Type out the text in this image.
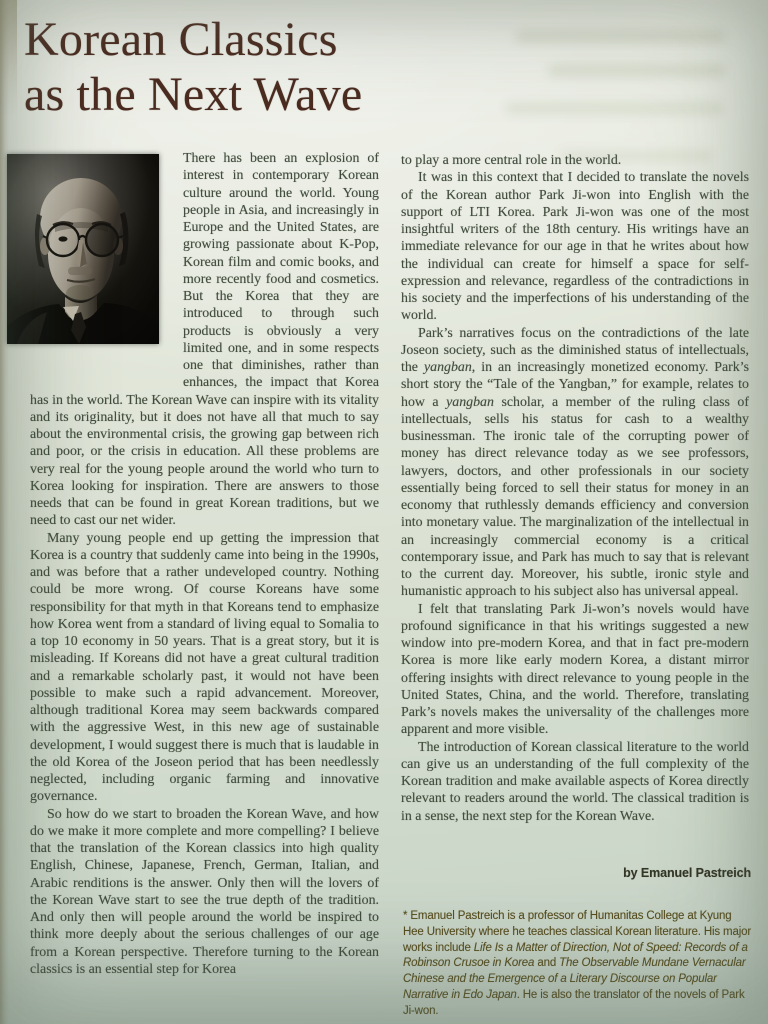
Korean Classics
as the Next Wave

There has been an explosion of interest in contemporary Korean culture around the world. Young people in Asia, and increasingly in Europe and the United States, are growing passionate about K-Pop, Korean film and comic books, and more recently food and cosmetics. But the Korea that they are introduced to through such products is obviously a very limited one, and in some respects one that diminishes, rather than enhances, the impact that Korea has in the world. The Korean Wave can inspire with its vitality and its originality, but it does not have all that much to say about the environmental crisis, the growing gap between rich and poor, or the crisis in education. All these problems are very real for the young people around the world who turn to Korea looking for inspiration. There are answers to those needs that can be found in great Korean traditions, but we need to cast our net wider.

Many young people end up getting the impression that Korea is a country that suddenly came into being in the 1990s, and was before that a rather undeveloped country. Nothing could be more wrong. Of course Koreans have some responsibility for that myth in that Koreans tend to emphasize how Korea went from a standard of living equal to Somalia to a top 10 economy in 50 years. That is a great story, but it is misleading. If Koreans did not have a great cultural tradition and a remarkable scholarly past, it would not have been possible to make such a rapid advancement. Moreover, although traditional Korea may seem backwards compared with the aggressive West, in this new age of sustainable development, I would suggest there is much that is laudable in the old Korea of the Joseon period that has been needlessly neglected, including organic farming and innovative governance.

So how do we start to broaden the Korean Wave, and how do we make it more complete and more compelling? I believe that the translation of the Korean classics into high quality English, Chinese, Japanese, French, German, Italian, and Arabic renditions is the answer. Only then will the lovers of the Korean Wave start to see the true depth of the tradition. And only then will people around the world be inspired to think more deeply about the serious challenges of our age from a Korean perspective. Therefore turning to the Korean classics is an essential step for Korea

to play a more central role in the world.

It was in this context that I decided to translate the novels of the Korean author Park Ji-won into English with the support of LTI Korea. Park Ji-won was one of the most insightful writers of the 18th century. His writings have an immediate relevance for our age in that he writes about how the individual can create for himself a space for self-expression and relevance, regardless of the contradictions in his society and the imperfections of his understanding of the world.

Park’s narratives focus on the contradictions of the late Joseon society, such as the diminished status of intellectuals, the yangban, in an increasingly monetized economy. Park’s short story the “Tale of the Yangban,” for example, relates to how a yangban scholar, a member of the ruling class of intellectuals, sells his status for cash to a wealthy businessman. The ironic tale of the corrupting power of money has direct relevance today as we see professors, lawyers, doctors, and other professionals in our society essentially being forced to sell their status for money in an economy that ruthlessly demands efficiency and conversion into monetary value. The marginalization of the intellectual in an increasingly commercial economy is a critical contemporary issue, and Park has much to say that is relevant to the current day. Moreover, his subtle, ironic style and humanistic approach to his subject also has universal appeal.

I felt that translating Park Ji-won’s novels would have profound significance in that his writings suggested a new window into pre-modern Korea, and that in fact pre-modern Korea is more like early modern Korea, a distant mirror offering insights with direct relevance to young people in the United States, China, and the world. Therefore, translating Park’s novels makes the universality of the challenges more apparent and more visible.

The introduction of Korean classical literature to the world can give us an understanding of the full complexity of the Korean tradition and make available aspects of Korea directly relevant to readers around the world. The classical tradition is in a sense, the next step for the Korean Wave.

by Emanuel Pastreich
* Emanuel Pastreich is a professor of Humanitas College at Kyung Hee University where he teaches classical Korean literature. His major works include Life Is a Matter of Direction, Not of Speed: Records of a Robinson Crusoe in Korea and The Observable Mundane Vernacular Chinese and the Emergence of a Literary Discourse on Popular Narrative in Edo Japan. He is also the translator of the novels of Park Ji-won.
